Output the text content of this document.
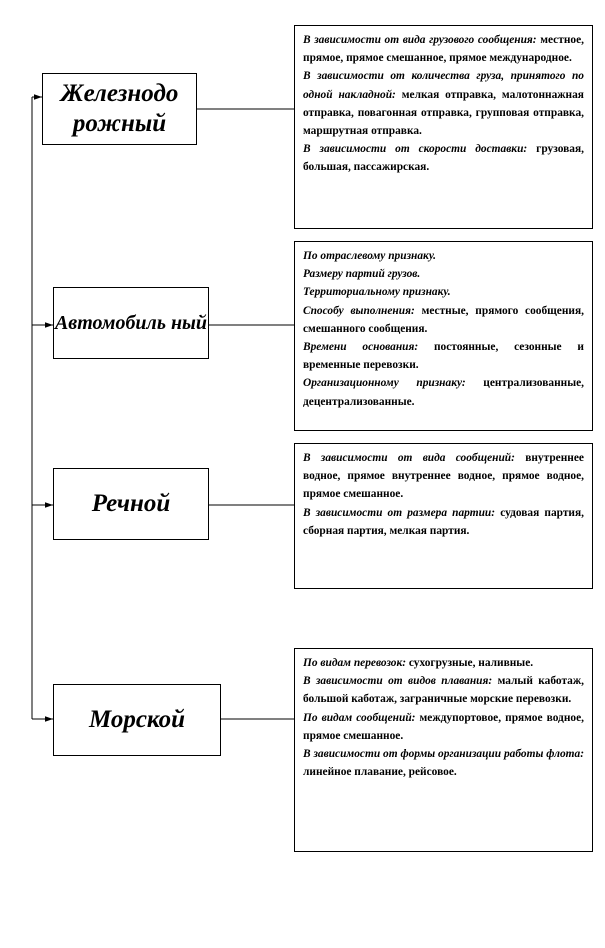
Железнодо рожный
Автомобиль ный
Речной
Морской

В зависимости от вида грузового сообщения: местное, прямое, прямое смешанное, прямое международное.

В зависимости от количества груза, принятого по одной накладной: мелкая отправка, малотоннажная отправка, повагонная отправка, групповая отправка, маршрутная отправка.

В зависимости от скорости доставки: грузовая, большая, пассажирская.

По отраслевому признаку.

Размеру партий грузов.

Территориальному признаку.

Способу выполнения: местные, прямого сообщения, смешанного сообщения.

Времени основания: постоянные, сезонные и временные перевозки.

Организационному признаку: централизованные, децентрализованные.

В зависимости от вида сообщений: внутреннее водное, прямое внутреннее водное, прямое водное, прямое смешанное.

В зависимости от размера партии: судовая партия, сборная партия, мелкая партия.

По видам перевозок: сухогрузные, наливные.

В зависимости от видов плавания: малый каботаж, большой каботаж, заграничные морские перевозки.

По видам сообщений: междупортовое, прямое водное, прямое смешанное.

В зависимости от формы организации работы флота: линейное плавание, рейсовое.
